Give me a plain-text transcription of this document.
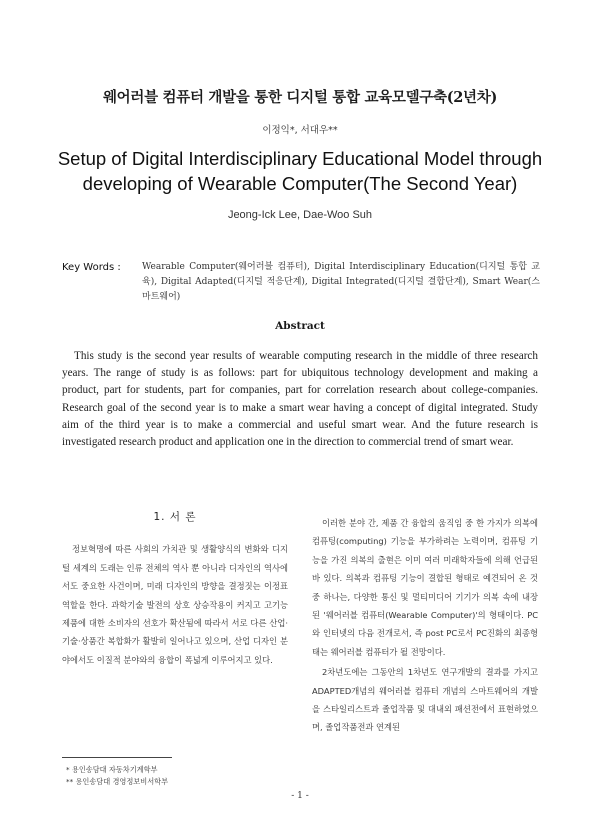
웨어러블 컴퓨터 개발을 통한 디지털 통합 교육모델구축(2년차)
이정익*, 서대우**
Setup of Digital Interdisciplinary Educational Model through developing of Wearable Computer(The Second Year)
Jeong-Ick Lee, Dae-Woo Suh
Key Words : Wearable Computer(웨어러블 컴퓨터), Digital Interdisciplinary Education(디지털 통합 교육), Digital Adapted(디지털 적응단계), Digital Integrated(디지털 결합단계), Smart Wear(스마트웨어)
Abstract
This study is the second year results of wearable computing research in the middle of three research years. The range of study is as follows: part for ubiquitous technology development and making a product, part for students, part for companies, part for correlation research about college-companies. Research goal of the second year is to make a smart wear having a concept of digital integrated. Study aim of the third year is to make a commercial and useful smart wear. And the future research is investigated research product and application one in the direction to commercial trend of smart wear.
1. 서 론

정보혁명에 따른 사회의 가치관 및 생활양식의 변화와 디지털 세계의 도래는 인류 전체의 역사 뿐 아니라 디자인의 역사에서도 중요한 사건이며, 미래 디자인의 방향을 결정짓는 이정표 역할을 한다. 과학기술 발전의 상호 상승작용이 커지고 고기능 제품에 대한 소비자의 선호가 확산됨에 따라서 서로 다른 산업·기술·상품간 복합화가 활발히 일어나고 있으며, 산업 디자인 분야에서도 이질적 분야와의 융합이 폭넓게 이루어지고 있다.

이러한 분야 간, 제품 간 융합의 움직임 중 한 가지가 의복에 컴퓨팅(computing) 기능을 부가하려는 노력이며, 컴퓨팅 기능을 가진 의복의 출현은 이미 여러 미래학자들에 의해 언급된 바 있다. 의복과 컴퓨팅 기능이 결합된 형태로 예견되어 온 것 중 하나는, 다양한 통신 및 멀티미디어 기기가 의복 속에 내장된 '웨어러블 컴퓨터(Wearable Computer)'의 형태이다. PC와 인터넷의 다음 전개로서, 즉 post PC로서 PC진화의 최종형태는 웨어러블 컴퓨터가 될 전망이다.

2차년도에는 그동안의 1차년도 연구개발의 결과를 가지고 ADAPTED개념의 웨어러블 컴퓨터 개념의 스마트웨어의 개발을 스타일리스트과 졸업작품 및 대내외 패션전에서 표현하였으며, 졸업작품전과 연계된

* 용인송담대 자동차기계학부
** 용인송담대 경영정보비서학부
- 1 -
